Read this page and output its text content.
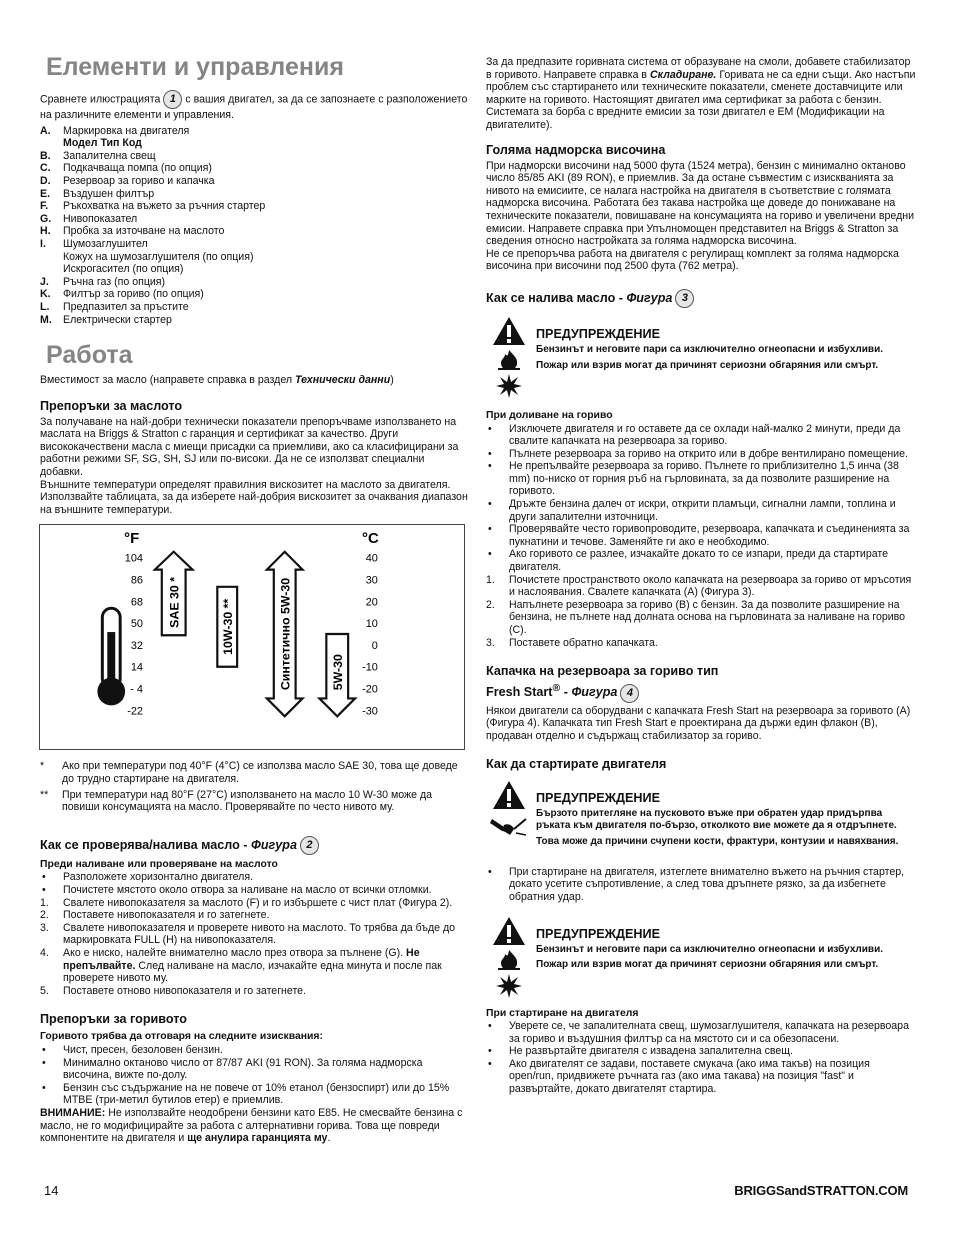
Елементи и управления

Сравнете илюстрацията 1 с вашия двигател, за да се запознаете с разположението на различните елементи и управления.

A.	Маркировка на двигателя
Модел Тип Код
B.	Запалителна свещ
C.	Подкачваща помпа (по опция)
D.	Резервоар за гориво и капачка
E.	Въздушен филтър
F.	Ръкохватка на въжето за ръчния стартер
G.	Нивопоказател
H.	Пробка за източване на маслото
I.	Шумозаглушител
Кожух на шумозаглушителя (по опция)
Искрогасител (по опция)
J.	Ръчна газ (по опция)
K.	Филтър за гориво (по опция)
L.	Предпазител за пръстите
M.	Електрически стартер
Работа

Вместимост за масло (направете справка в раздел Технически данни)

Препоръки за маслото

За получаване на най-добри технически показатели препоръчваме използването на маслата на Briggs & Stratton с гаранция и сертификат за качество. Други висококачествени масла с миещи присадки са приемливи, ако са класифицирани за работни режими SF, SG, SH, SJ или по-високи. Да не се използват специални добавки.

Външните температури определят правилния вискозитет на маслото за двигателя. Използвайте таблицата, за да изберете най-добрия вискозитет за очаквания диапазон на външните температури.

°F	°C
104
86
68
50
32
14
- 4
-22
40
30
20
10
0
-10
-20
-30
SAE 30 *	10W-30 **	Синтетично 5W-30	5W-30
*	Ако при температури под 40°F (4°C) се използва масло SAE 30, това ще доведе до трудно стартиране на двигателя.
**	При температури над 80°F (27°C) използването на масло 10 W-30 може да повиши консумацията на масло. Проверявайте по често нивото му.
Как се проверява/налива масло - Фигура 2
Преди наливане или проверяване на маслото
•	Разположете хоризонтално двигателя.
•	Почистете мястото около отвора за наливане на масло от всички отломки.
1.	Свалете нивопоказателя за маслото (F) и го избършете с чист плат (Фигура 2).
2.	Поставете нивопоказателя и го затегнете.
3.	Свалете нивопоказателя и проверете нивото на маслото. То трябва да бъде до маркировката FULL (H) на нивопоказателя.
4.	Ако е ниско, налейте внимателно масло през отвора за пълнене (G). Не препълвайте. След наливане на масло, изчакайте една минута и после пак проверете нивото му.
5.	Поставете отново нивопоказателя и го затегнете.
Препоръки за горивото
Горивото трябва да отговаря на следните изисквания:
•	Чист, пресен, безоловен бензин.
•	Минимално октаново число от 87/87 AKI (91 RON). За голяма надморска височина, вижте по-долу.
•	Бензин със съдържание на не повече от 10% етанол (бензоспирт) или до 15% MTBE (три-метил бутилов етер) е приемлив.

ВНИМАНИЕ: Не използвайте неодобрени бензини като E85. Не смесвайте бензина с масло, не го модифицирайте за работа с алтернативни горива. Това ще повреди компонентите на двигателя и ще анулира гаранцията му.

За да предпазите горивната система от образуване на смоли, добавете стабилизатор в горивото. Направете справка в Складиране. Горивата не са едни същи. Ако настъпи проблем със стартирането или техническите показатели, сменете доставчиците или марките на горивото. Настоящият двигател има сертификат за работа с бензин. Системата за борба с вредните емисии за този двигател е EM (Модификации на двигателите).

Голяма надморска височина

При надморски височини над 5000 фута (1524 метра), бензин с минимално октаново число 85/85 AKI (89 RON), е приемлив. За да остане съвместим с изискванията за нивото на емисиите, се налага настройка на двигателя в съответствие с голямата надморска височина. Работата без такава настройка ще доведе до понижаване на техническите показатели, повишаване на консумацията на гориво и увеличени вредни емисии. Направете справка при Упълномощен представител на Briggs & Stratton за сведения относно настройката за голяма надморска височина.

Не се препоръчва работа на двигателя с регулиращ комплект за голяма надморска височина при височини под 2500 фута (762 метра).

Как се налива масло - Фигура 3
ПРЕДУПРЕЖДЕНИЕ
Бензинът и неговите пари са изключително огнеопасни и избухливи.
Пожар или взрив могат да причинят сериозни обгаряния или смърт.
При доливане на гориво
•	Изключете двигателя и го оставете да се охлади най-малко 2 минути, преди да свалите капачката на резервоара за гориво.
•	Пълнете резервоара за гориво на открито или в добре вентилирано помещение.
•	Не препълвайте резервоара за гориво. Пълнете го приблизително 1,5 инча (38 mm) по-ниско от горния ръб на гърловината, за да позволите разширение на горивото.
•	Дръжте бензина далеч от искри, открити пламъци, сигнални лампи, топлина и други запалителни източници.
•	Проверявайте често горивопроводите, резервоара, капачката и съединенията за пукнатини и течове. Заменяйте ги ако е необходимо.
•	Ако горивото се разлее, изчакайте докато то се изпари, преди да стартирате двигателя.
1.	Почистете пространството около капачката на резервоара за гориво от мръсотия и наслоявания. Свалете капачката (A) (Фигура 3).
2.	Напълнете резервоара за гориво (B) с бензин. За да позволите разширение на бензина, не пълнете над долната основа на гърловината за наливане на гориво (C).
3.	Поставете обратно капачката.
Капачка на резервоара за гориво тип
Fresh Start® - Фигура 4

Някои двигатели са оборудвани с капачката Fresh Start на резервоара за горивото (A) (Фигура 4). Капачката тип Fresh Start е проектирана да държи един флакон (B), продаван отделно и съдържащ стабилизатор за гориво.

Как да стартирате двигателя
ПРЕДУПРЕЖДЕНИЕ
Бързото притегляне на пусковото въже при обратен удар придърпва ръката към двигателя по-бързо, отколкото вие можете да я отдръпнете.
Това може да причини счупени кости, фрактури, контузии и навяхвания.
•	При стартиране на двигателя, изтеглете внимателно въжето на ръчния стартер, докато усетите съпротивление, а след това дръпнете рязко, за да избегнете обратния удар.
ПРЕДУПРЕЖДЕНИЕ
Бензинът и неговите пари са изключително огнеопасни и избухливи.
Пожар или взрив могат да причинят сериозни обгаряния или смърт.
При стартиране на двигателя
•	Уверете се, че запалителната свещ, шумозаглушителя, капачката на резервоара за гориво и въздушния филтър са на мястото си и са обезопасени.
•	Не развъртайте двигателя с извадена запалителна свещ.
•	Ако двигателят се задави, поставете смукача (ако има такъв) на позиция open/run, придвижете ръчната газ (ако има такава) на позиция "fast" и развъртайте, докато двигателят стартира.
14	BRIGGSandSTRATTON.COM
